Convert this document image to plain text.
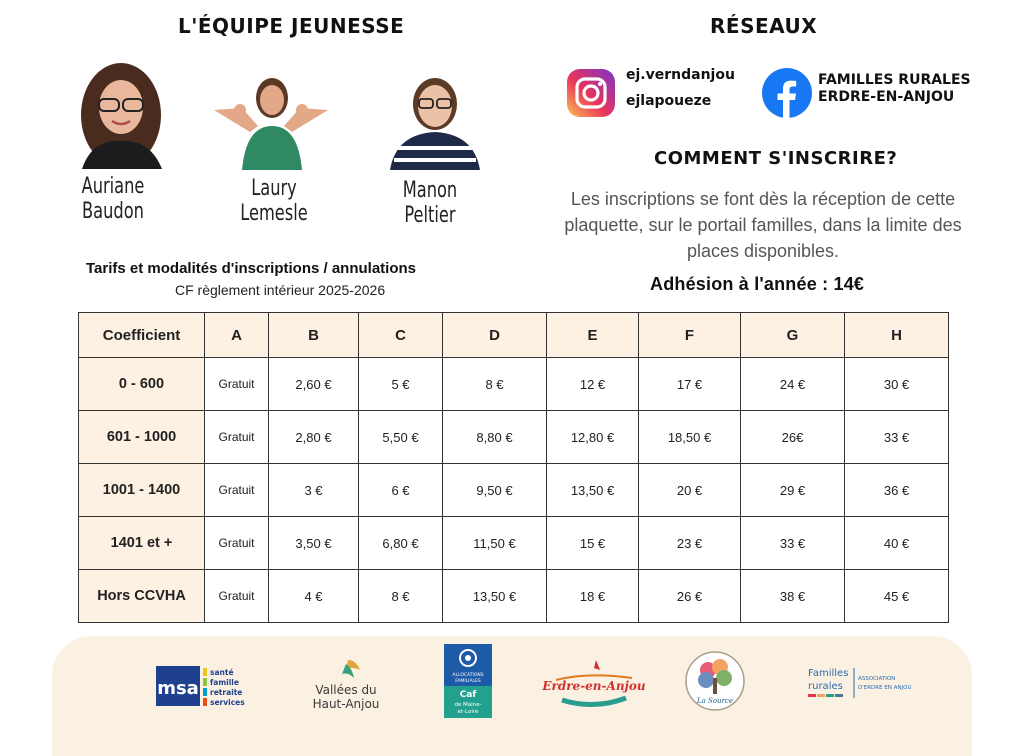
L'ÉQUIPE JEUNESSE
Auriane
Baudon
Laury
Lemesle
Manon
Peltier
RÉSEAUX
ej.verndanjou
ejlapoueze
FAMILLES RURALES
ERDRE-EN-ANJOU
COMMENT S'INSCRIRE?
Les inscriptions se font dès la réception de cette plaquette, sur le portail familles, dans la limite des places disponibles.
Adhésion à l'année : 14€
Tarifs et modalités d'inscriptions / annulations
CF règlement intérieur 2025-2026
Coefficient	A	B	C	D	E	F	G	H
0 - 600	Gratuit	2,60 €	5 €	8 €	12 €	17 €	24 €	30 €
601 - 1000	Gratuit	2,80 €	5,50 €	8,80 €	12,80 €	18,50 €	26€	33 €
1001 - 1400	Gratuit	3 €	6 €	9,50 €	13,50 €	20 €	29 €	36 €
1401 et +	Gratuit	3,50 €	6,80 €	11,50 €	15 €	23 €	33 €	40 €
Hors CCVHA	Gratuit	4 €	8 €	13,50 €	18 €	26 €	38 €	45 €
msa
santé
famille
retraite
services
Vallées du
Haut-Anjou
ALLOCATIONS
FAMILIALES
Caf
de Maine-
et-Loire
Erdre-en-Anjou
La Source
Familles
rurales
ASSOCIATION
D'ERDRE EN ANJOU
